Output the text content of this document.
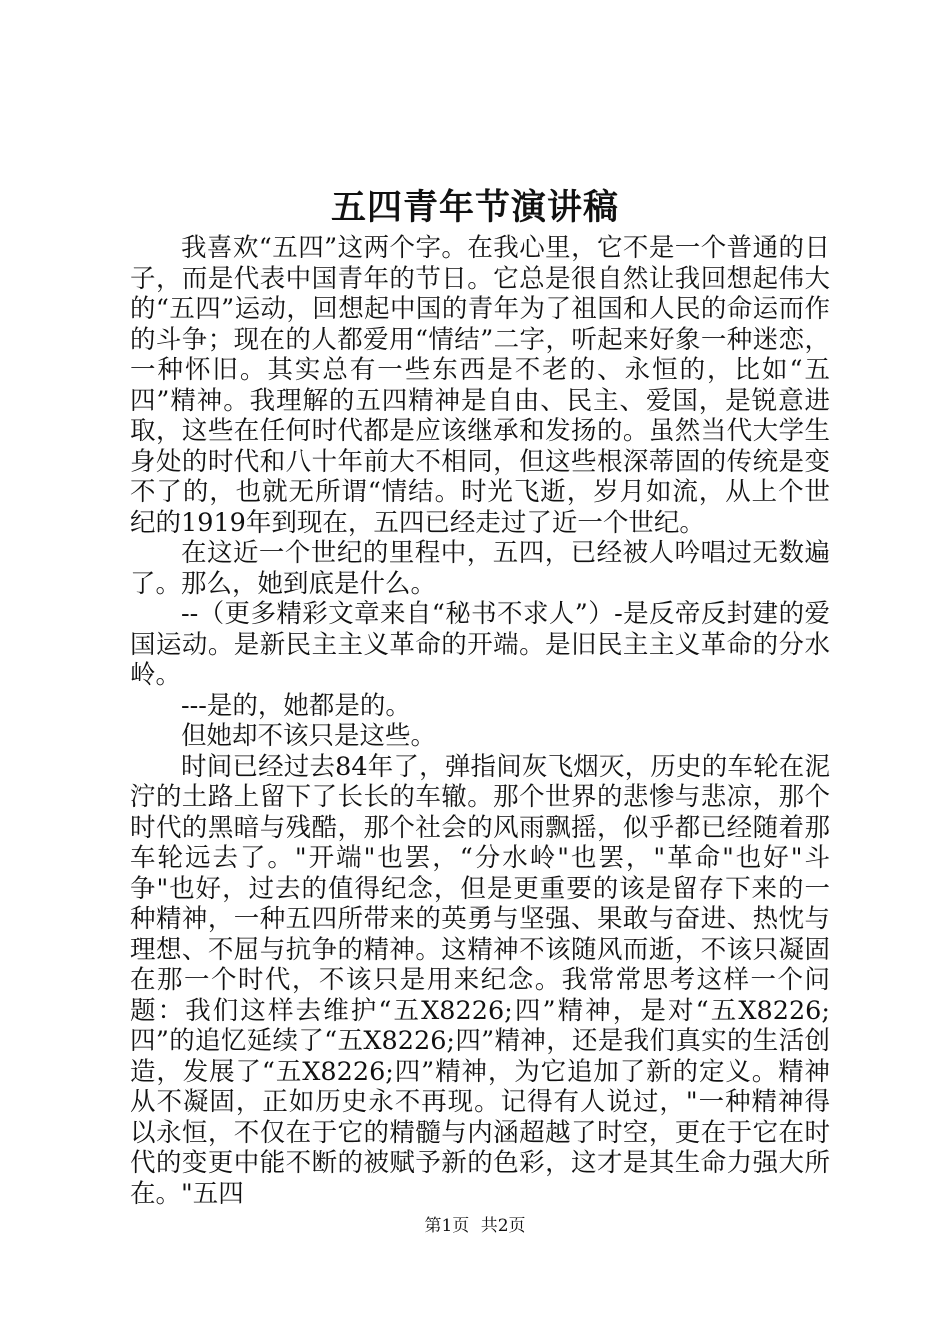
五四青年节演讲稿

我喜欢“五四”这两个字。在我心里，它不是一个普通的日子，而是代表中国青年的节日。它总是很自然让我回想起伟大的“五四”运动，回想起中国的青年为了祖国和人民的命运而作的斗争；现在的人都爱用“情结”二字，听起来好象一种迷恋，一种怀旧。其实总有一些东西是不老的、永恒的，比如“五四”精神。我理解的五四精神是自由、民主、爱国，是锐意进取，这些在任何时代都是应该继承和发扬的。虽然当代大学生身处的时代和八十年前大不相同，但这些根深蒂固的传统是变不了的，也就无所谓“情结。时光飞逝，岁月如流，从上个世纪的1919年到现在，五四已经走过了近一个世纪。

在这近一个世纪的里程中，五四，已经被人吟唱过无数遍了。那么，她到底是什么。

--（更多精彩文章来自“秘书不求人”）-是反帝反封建的爱国运动。是新民主主义革命的开端。是旧民主主义革命的分水岭。

---是的，她都是的。

但她却不该只是这些。

时间已经过去84年了，弹指间灰飞烟灭，历史的车轮在泥泞的土路上留下了长长的车辙。那个世界的悲惨与悲凉，那个时代的黑暗与残酷，那个社会的风雨飘摇，似乎都已经随着那车轮远去了。"开端"也罢，“分水岭"也罢，"革命"也好"斗争"也好，过去的值得纪念，但是更重要的该是留存下来的一种精神，一种五四所带来的英勇与坚强、果敢与奋进、热忱与理想、不屈与抗争的精神。这精神不该随风而逝，不该只凝固在那一个时代，不该只是用来纪念。我常常思考这样一个问题：我们这样去维护“五X8226;四”精神，是对“五X8226;四”的追忆延续了“五X8226;四”精神，还是我们真实的生活创造，发展了“五X8226;四”精神，为它追加了新的定义。精神从不凝固，正如历史永不再现。记得有人说过，"一种精神得以永恒，不仅在于它的精髓与内涵超越了时空，更在于它在时代的变更中能不断的被赋予新的色彩，这才是其生命力强大所在。"五四

第1页 共2页
